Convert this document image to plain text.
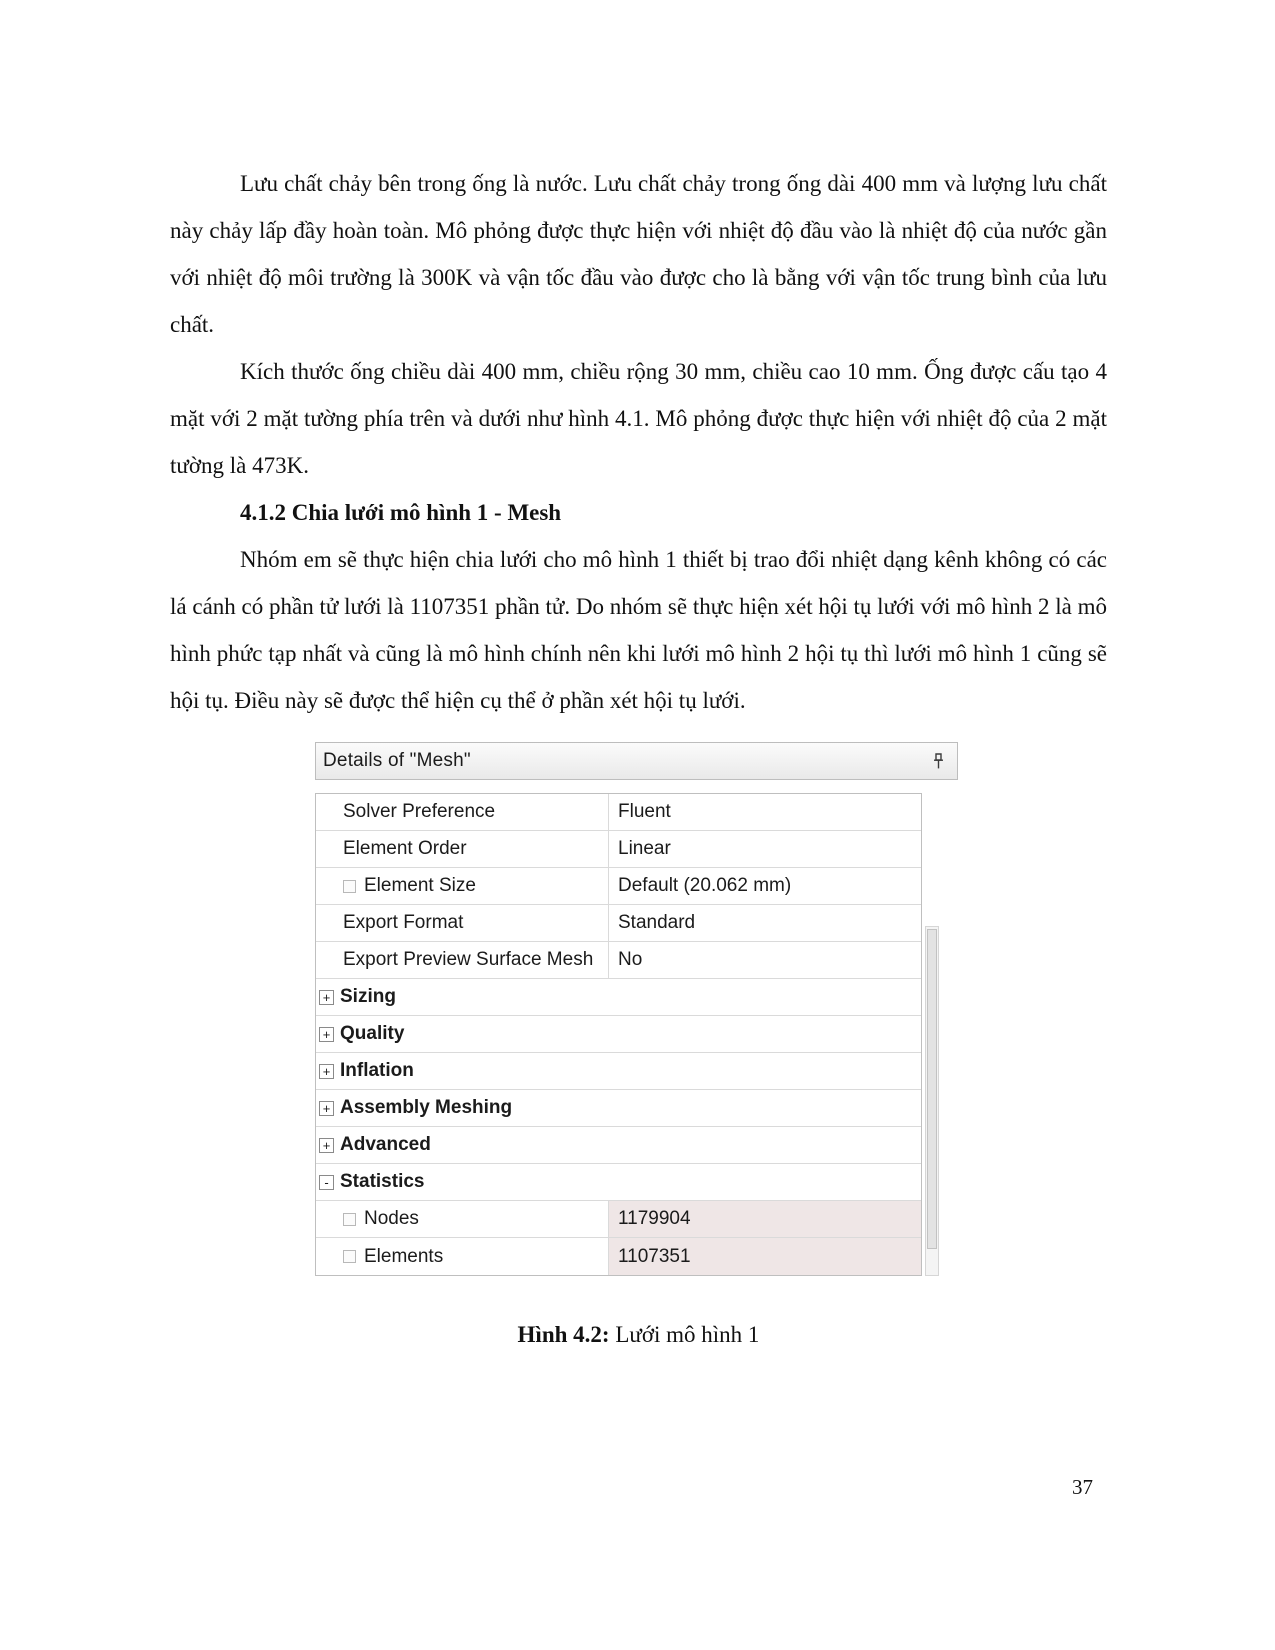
Lưu chất chảy bên trong ống là nước. Lưu chất chảy trong ống dài 400 mm và lượng lưu chất này chảy lấp đầy hoàn toàn. Mô phỏng được thực hiện với nhiệt độ đầu vào là nhiệt độ của nước gần với nhiệt độ môi trường là 300K và vận tốc đầu vào được cho là bằng với vận tốc trung bình của lưu chất.

Kích thước ống chiều dài 400 mm, chiều rộng 30 mm, chiều cao 10 mm. Ống được cấu tạo 4 mặt với 2 mặt tường phía trên và dưới như hình 4.1. Mô phỏng được thực hiện với nhiệt độ của 2 mặt tường là 473K.

4.1.2 Chia lưới mô hình 1 - Mesh

Nhóm em sẽ thực hiện chia lưới cho mô hình 1 thiết bị trao đổi nhiệt dạng kênh không có các lá cánh có phần tử lưới là 1107351 phần tử. Do nhóm sẽ thực hiện xét hội tụ lưới với mô hình 2 là mô hình phức tạp nhất và cũng là mô hình chính nên khi lưới mô hình 2 hội tụ thì lưới mô hình 1 cũng sẽ hội tụ. Điều này sẽ được thể hiện cụ thể ở phần xét hội tụ lưới.

Details of "Mesh"
Solver Preference	Fluent
Element Order	Linear
Element Size	Default (20.062 mm)
Export Format	Standard
Export Preview Surface Mesh No
+ Sizing
+ Quality
+ Inflation
+ Assembly Meshing
+ Advanced
- Statistics
Nodes	1179904
Elements	1107351

Hình 4.2: Lưới mô hình 1

37
